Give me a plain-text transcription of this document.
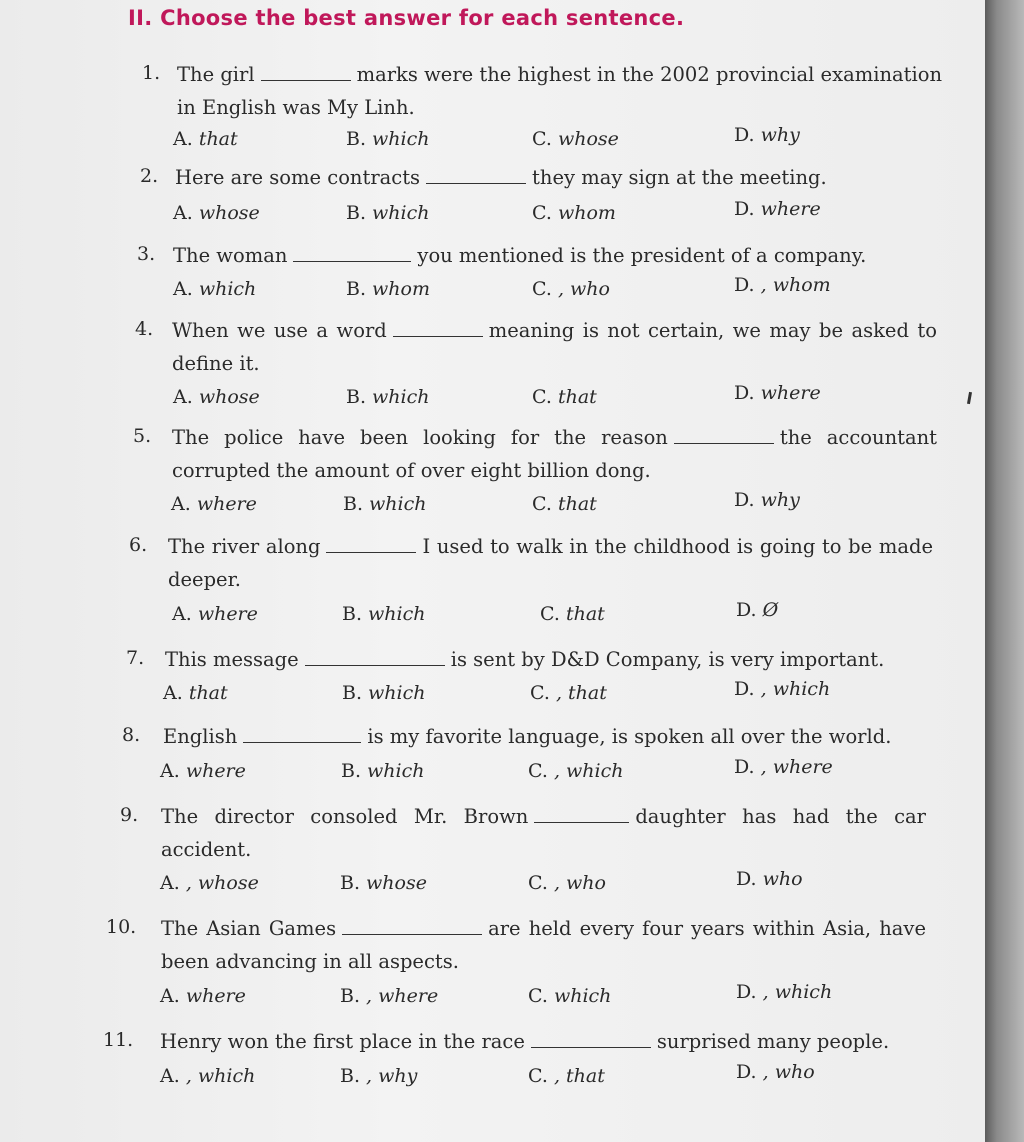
II. Choose the best answer for each sentence.
1. The girl	marks were the highest in the 2002 provincial examination in English was My Linh.
A. that	B. which	C. whose	D. why
2. Here are some contracts	they may sign at the meeting.
A. whose	B. which	C. whom	D. where
3. The woman	you mentioned is the president of a company.
A. which	B. whom	C. , who	D. , whom
4. When we use a word	meaning is not certain, we may be asked to define it.
A. whose	B. which	C. that	D. where
5. The police have been looking for the reason	the accountant corrupted the amount of over eight billion dong.
A. where	B. which	C. that	D. why
6. The river along	I used to walk in the childhood is going to be made deeper.
A. where	B. which	C. that	D. Ø
7. This message	is sent by D&D Company, is very important.
A. that	B. which	C. , that	D. , which
8. English	is my favorite language, is spoken all over the world.
A. where	B. which	C. , which	D. , where
9. The director consoled Mr. Brown	daughter has had the car accident.
A. , whose	B. whose	C. , who	D. who
10. The Asian Games	are held every four years within Asia, have been advancing in all aspects.
A. where	B. , where	C. which	D. , which
11. Henry won the first place in the race	surprised many people.
A. , which	B. , why	C. , that	D. , who
